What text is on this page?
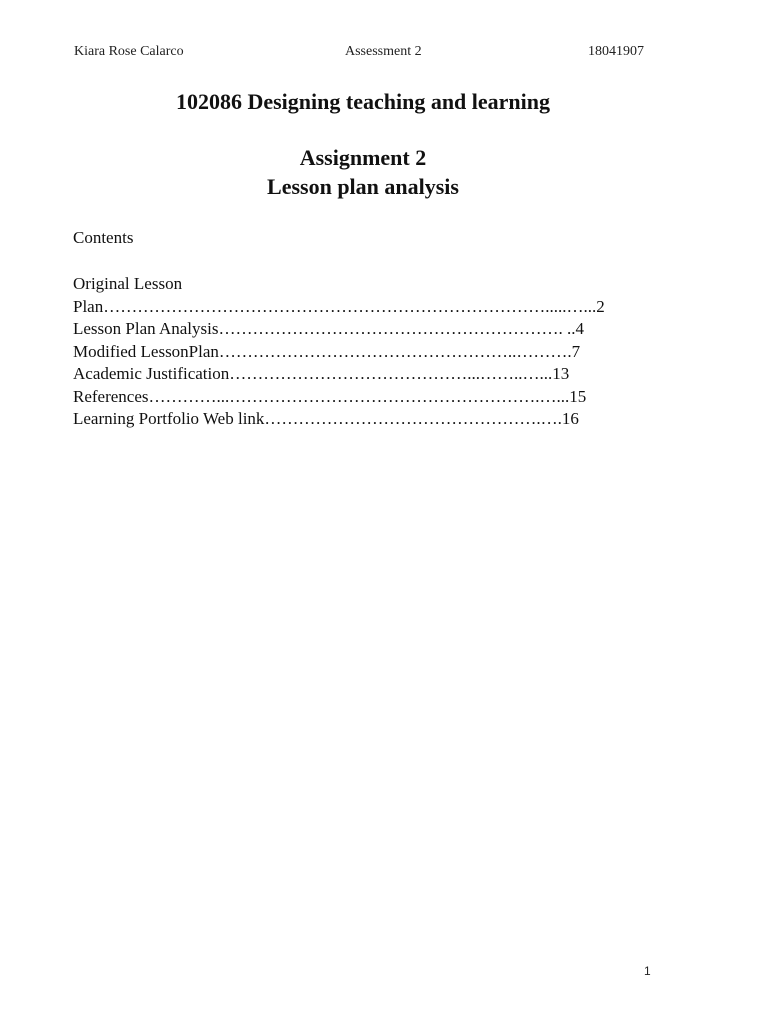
Kiara Rose Calarco	Assessment 2	18041907
102086 Designing teaching and learning
Assignment 2
Lesson plan analysis
Contents
Original Lesson
Plan…………………………………………………………………….....…...2
Lesson Plan Analysis……………………………………………………. ..4
Modified LessonPlan……………………………………………..……….7
Academic Justification……………………………………...……..…...13
References…………...……………………………………………….…...15
Learning Portfolio Web link………………………………………….….16
1
